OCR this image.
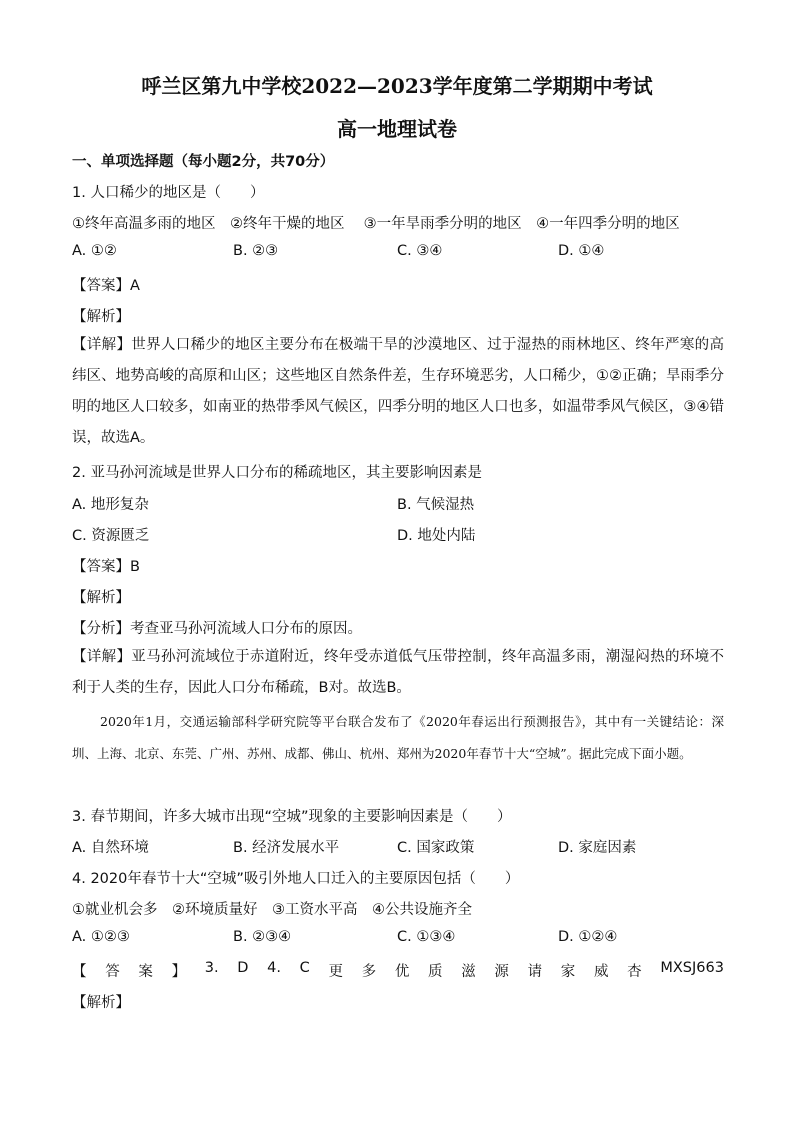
呼兰区第九中学校2022—2023学年度第二学期期中考试
高一地理试卷
一、单项选择题（每小题2分，共70分）
1. 人口稀少的地区是（　　）
①终年高温多雨的地区　②终年干燥的地区　 ③一年旱雨季分明的地区　④一年四季分明的地区
A. ①②	B. ②③	C. ③④	D. ①④
【答案】A
【解析】
【详解】世界人口稀少的地区主要分布在极端干旱的沙漠地区、过于湿热的雨林地区、终年严寒的高纬区、地势高峻的高原和山区；这些地区自然条件差，生存环境恶劣，人口稀少，①②正确；旱雨季分明的地区人口较多，如南亚的热带季风气候区，四季分明的地区人口也多，如温带季风气候区，③④错误，故选A。
2. 亚马孙河流域是世界人口分布的稀疏地区，其主要影响因素是
A. 地形复杂	B. 气候湿热
C. 资源匮乏	D. 地处内陆
【答案】B
【解析】
【分析】考查亚马孙河流域人口分布的原因。
【详解】亚马孙河流域位于赤道附近，终年受赤道低气压带控制，终年高温多雨，潮湿闷热的环境不利于人类的生存，因此人口分布稀疏，B对。故选B。
2020年1月，交通运输部科学研究院等平台联合发布了《2020年春运出行预测报告》，其中有一关键结论：深圳、上海、北京、东莞、广州、苏州、成都、佛山、杭州、郑州为2020年春节十大“空城”。据此完成下面小题。
3. 春节期间，许多大城市出现“空城”现象的主要影响因素是（　　）
A. 自然环境	B. 经济发展水平	C. 国家政策	D. 家庭因素
4. 2020年春节十大“空城”吸引外地人口迁入的主要原因包括（　　）
①就业机会多　②环境质量好　③工资水平高　④公共设施齐全
A. ①②③	B. ②③④	C. ①③④	D. ①②④
【 答 案 】 3. D 4. C 更 多 优 质 滋 源 请 家 威 杏 MXSJ663
【解析】
